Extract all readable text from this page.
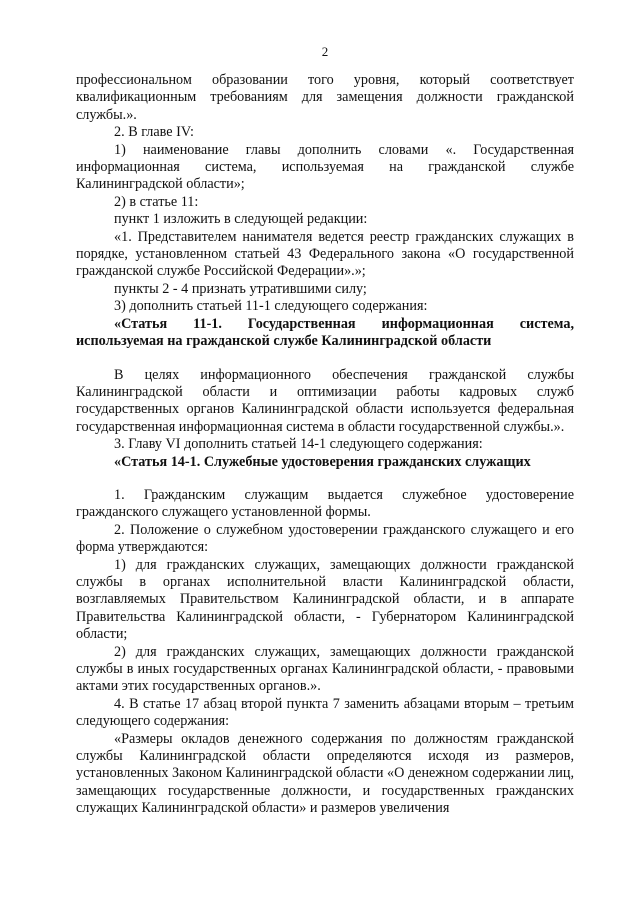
2

профессиональном образовании того уровня, который соответствует квалификационным требованиям для замещения должности гражданской службы.».

2. В главе IV:

1) наименование главы дополнить словами «. Государственная информационная система, используемая на гражданской службе Калининградской области»;

2) в статье 11:

пункт 1 изложить в следующей редакции:

«1. Представителем нанимателя ведется реестр гражданских служащих в порядке, установленном статьей 43 Федерального закона «О государственной гражданской службе Российской Федерации».»;

пункты 2 - 4 признать утратившими силу;

3) дополнить статьей 11-1 следующего содержания:

«Статья 11-1. Государственная информационная система, используемая на гражданской службе Калининградской области

В целях информационного обеспечения гражданской службы Калининградской области и оптимизации работы кадровых служб государственных органов Калининградской области используется федеральная государственная информационная система в области государственной службы.».

3. Главу VI дополнить статьей 14-1 следующего содержания:

«Статья 14-1. Служебные удостоверения гражданских служащих

1. Гражданским служащим выдается служебное удостоверение гражданского служащего установленной формы.

2. Положение о служебном удостоверении гражданского служащего и его форма утверждаются:

1) для гражданских служащих, замещающих должности гражданской службы в органах исполнительной власти Калининградской области, возглавляемых Правительством Калининградской области, и в аппарате Правительства Калининградской области, - Губернатором Калининградской области;

2) для гражданских служащих, замещающих должности гражданской службы в иных государственных органах Калининградской области, - правовыми актами этих государственных органов.».

4. В статье 17 абзац второй пункта 7 заменить абзацами вторым – третьим следующего содержания:

«Размеры окладов денежного содержания по должностям гражданской службы Калининградской области определяются исходя из размеров, установленных Законом Калининградской области «О денежном содержании лиц, замещающих государственные должности, и государственных гражданских служащих Калининградской области» и размеров увеличения
